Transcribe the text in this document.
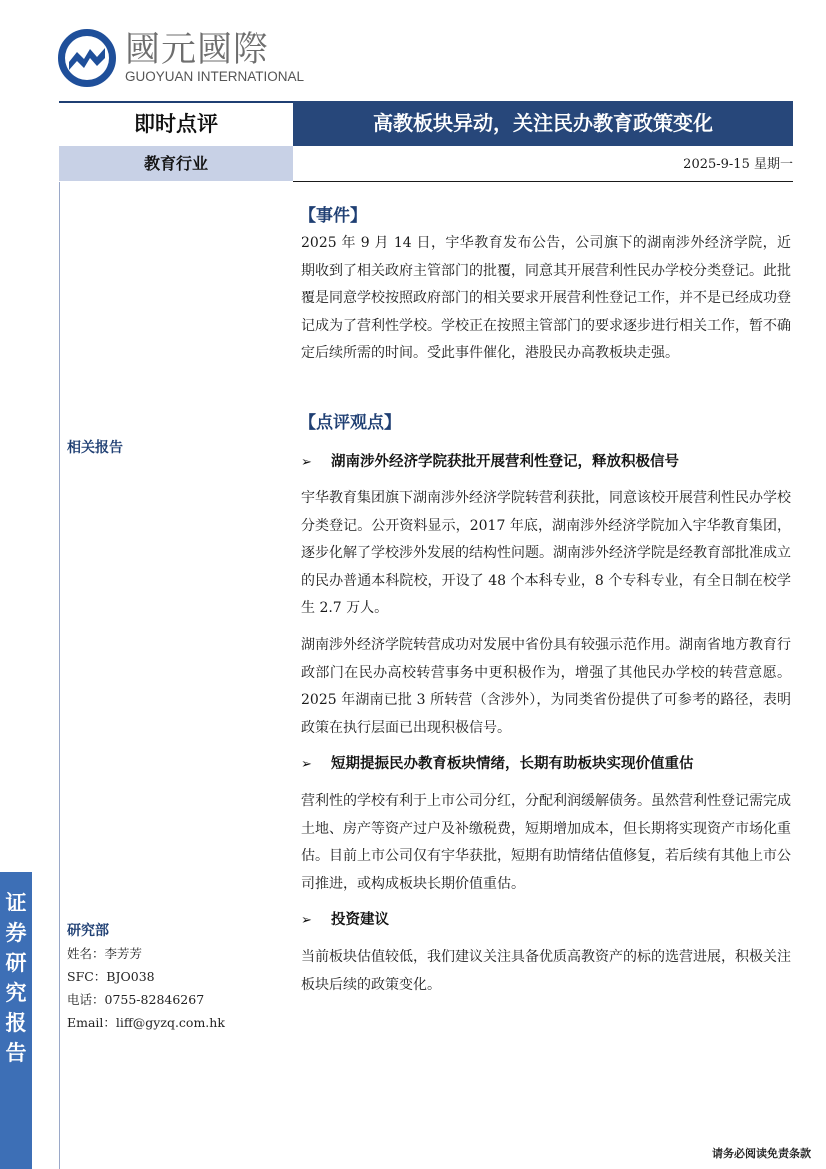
國元國際
GUOYUAN INTERNATIONAL
即时点评	高教板块异动，关注民办教育政策变化
教育行业	2025-9-15 星期一
相关报告
研究部
姓名：李芳芳
SFC：BJO038
电话：0755-82846267
Email：liff@gyzq.com.hk
证
券
研
究
报
告
【事件】
2025 年 9 月 14 日，宇华教育发布公告，公司旗下的湖南涉外经济学院，近期收到了相关政府主管部门的批覆，同意其开展营利性民办学校分类登记。此批覆是同意学校按照政府部门的相关要求开展营利性登记工作，并不是已经成功登记成为了营利性学校。学校正在按照主管部门的要求逐步进行相关工作，暂不确定后续所需的时间。受此事件催化，港股民办高教板块走强。
【点评观点】
➢ 湖南涉外经济学院获批开展营利性登记，释放积极信号
宇华教育集团旗下湖南涉外经济学院转营利获批，同意该校开展营利性民办学校分类登记。公开资料显示，2017 年底，湖南涉外经济学院加入宇华教育集团，逐步化解了学校涉外发展的结构性问题。湖南涉外经济学院是经教育部批准成立的民办普通本科院校，开设了 48 个本科专业，8 个专科专业，有全日制在校学生 2.7 万人。
湖南涉外经济学院转营成功对发展中省份具有较强示范作用。湖南省地方教育行政部门在民办高校转营事务中更积极作为，增强了其他民办学校的转营意愿。2025 年湖南已批 3 所转营（含涉外），为同类省份提供了可参考的路径，表明政策在执行层面已出现积极信号。
➢ 短期提振民办教育板块情绪，长期有助板块实现价值重估
营利性的学校有利于上市公司分红，分配利润缓解债务。虽然营利性登记需完成土地、房产等资产过户及补缴税费，短期增加成本，但长期将实现资产市场化重估。目前上市公司仅有宇华获批，短期有助情绪估值修复，若后续有其他上市公司推进，或构成板块长期价值重估。
➢ 投资建议
当前板块估值较低，我们建议关注具备优质高教资产的标的选营进展，积极关注板块后续的政策变化。
请务必阅读免责条款
